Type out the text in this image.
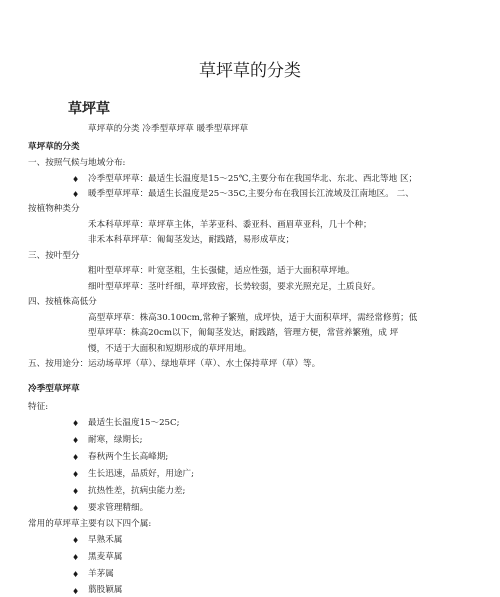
草坪草的分类
草坪草
草坪草的分类 冷季型草坪草 暖季型草坪草
草坪草的分类
一、按照气候与地域分布:
♦ 冷季型草坪草：最适生长温度是15～25℃,主要分布在我国华北、东北、西北等地 区；
♦ 暖季型草坪草：最适生长温度是25～35C,主要分布在我国长江流域及江南地区。 二、
按植物种类分
禾本科草坪草：草坪草主体，羊茅亚科、黍亚科、画眉草亚科，几十个种；
非禾本科草坪草：匍匐茎发达，耐践踏，易形成草皮；
三、按叶型分
粗叶型草坪草：叶宽茎粗，生长强健，适应性强，适于大面积草坪地。
细叶型草坪草：茎叶纤细，草坪致密，长势较弱，要求光照充足，土质良好。
四、按植株高低分
高型草坪草：株高30.100cm,常种子繁殖，成坪快，适于大面积草坪，需经常修剪；低
型草坪草：株高20cm以下，匍匐茎发达，耐践踏，管理方便，常营养繁殖，成 坪
慢，不适于大面积和短期形成的草坪用地。
五、按用途分：运动场草坪（草）、绿地草坪（草）、水土保持草坪（草）等。
冷季型草坪草
特征:
♦ 最适生长温度15～25C;
♦ 耐寒，绿期长;
♦ 春秋两个生长高峰期;
♦ 生长迅速，品质好，用途广;
♦ 抗热性差，抗病虫能力差;
♦ 要求管理精细。
常用的草坪草主要有以下四个属:
♦ 早熟禾属
♦ 黑麦草属
♦ 羊茅属
♦ 翦股颖属
